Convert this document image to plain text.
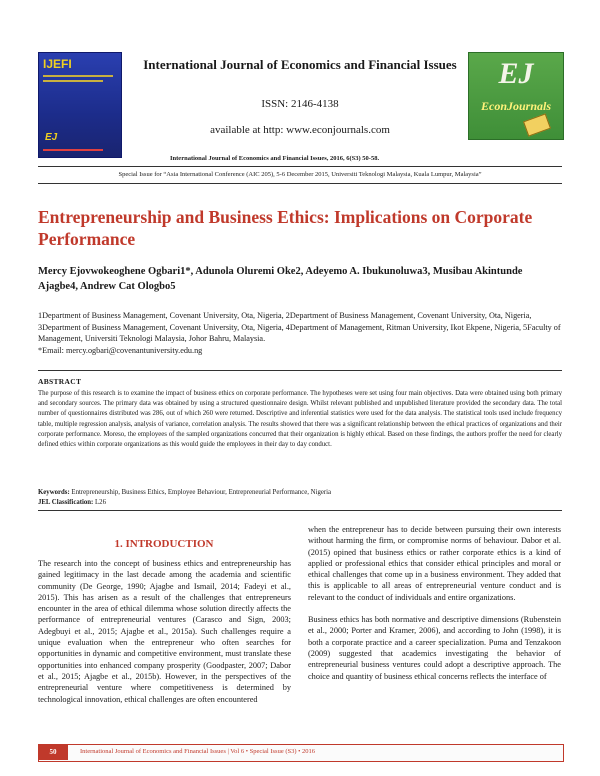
IJEFI
EJ
International Journal of Economics and Financial Issues
ISSN: 2146-4138
available at http: www.econjournals.com
EJ
EconJournals
International Journal of Economics and Financial Issues, 2016, 6(S3) 50-58.
Special Issue for “Asia International Conference (AIC 205), 5-6 December 2015, Universiti Teknologi Malaysia, Kuala Lumpur, Malaysia”
Entrepreneurship and Business Ethics: Implications on Corporate Performance
Mercy Ejovwokeoghene Ogbari1*, Adunola Oluremi Oke2, Adeyemo A. Ibukunoluwa3, Musibau Akintunde Ajagbe4, Andrew Cat Ologbo5
1Department of Business Management, Covenant University, Ota, Nigeria, 2Department of Business Management, Covenant University, Ota, Nigeria, 3Department of Business Management, Covenant University, Ota, Nigeria, 4Department of Management, Ritman University, Ikot Ekpene, Nigeria, 5Faculty of Management, Universiti Teknologi Malaysia, Johor Bahru, Malaysia.
*Email: mercy.ogbari@covenantuniversity.edu.ng
ABSTRACT
The purpose of this research is to examine the impact of business ethics on corporate performance. The hypotheses were set using four main objectives. Data were obtained using both primary and secondary sources. The primary data was obtained by using a structured questionnaire design. Whilst relevant published and unpublished literature provided the secondary data. The total number of questionnaires distributed was 286, out of which 260 were returned. Descriptive and inferential statistics were used for the data analysis. The statistical tools used include frequency table, multiple regression analysis, analysis of variance, correlation analysis. The results showed that there was a significant relationship between the ethical practices of organizations and their corporate performance. Moreso, the employees of the sampled organizations concurred that their organization is highly ethical. Based on these findings, the authors proffer the need for clearly defined ethics within corporate organizations as this would guide the employees in their day to day conduct.
Keywords: Entrepreneurship, Business Ethics, Employee Behaviour, Entrepreneurial Performance, Nigeria
JEL Classification: L26
1. INTRODUCTION

The research into the concept of business ethics and entrepreneurship has gained legitimacy in the last decade among the academia and scientific community (De George, 1990; Ajagbe and Ismail, 2014; Fadeyi et al., 2015). This has arisen as a result of the challenges that entrepreneurs encounter in the area of ethical dilemma whose solution directly affects the performance of entrepreneurial ventures (Carasco and Sign, 2003; Adegbuyi et al., 2015; Ajagbe et al., 2015a). Such challenges require a unique evaluation when the entrepreneur who often searches for opportunities in dynamic and competitive environment, must translate these opportunities into enhanced company prosperity (Goodpaster, 2007; Dabor et al., 2015; Ajagbe et al., 2015b). However, in the perspectives of the entrepreneurial venture where competitiveness is determined by technological innovation, ethical challenges are often encountered

when the entrepreneur has to decide between pursuing their own interests without harming the firm, or compromise norms of behaviour. Dabor et al. (2015) opined that business ethics or rather corporate ethics is a kind of applied or professional ethics that consider ethical principles and moral or ethical challenges that come up in a business environment. They added that this is applicable to all areas of entrepreneurial venture conduct and is relevant to the conduct of individuals and entire organizations.

Business ethics has both normative and descriptive dimensions (Rubenstein et al., 2000; Porter and Kramer, 2006), and according to John (1998), it is both a corporate practice and a career specialization. Puma and Tenzakoon (2009) suggested that academics investigating the behavior of entrepreneurial business ventures could adopt a descriptive approach. The choice and quantity of business ethical concerns reflects the interface of

50	International Journal of Economics and Financial Issues | Vol 6 • Special Issue (S3) • 2016
